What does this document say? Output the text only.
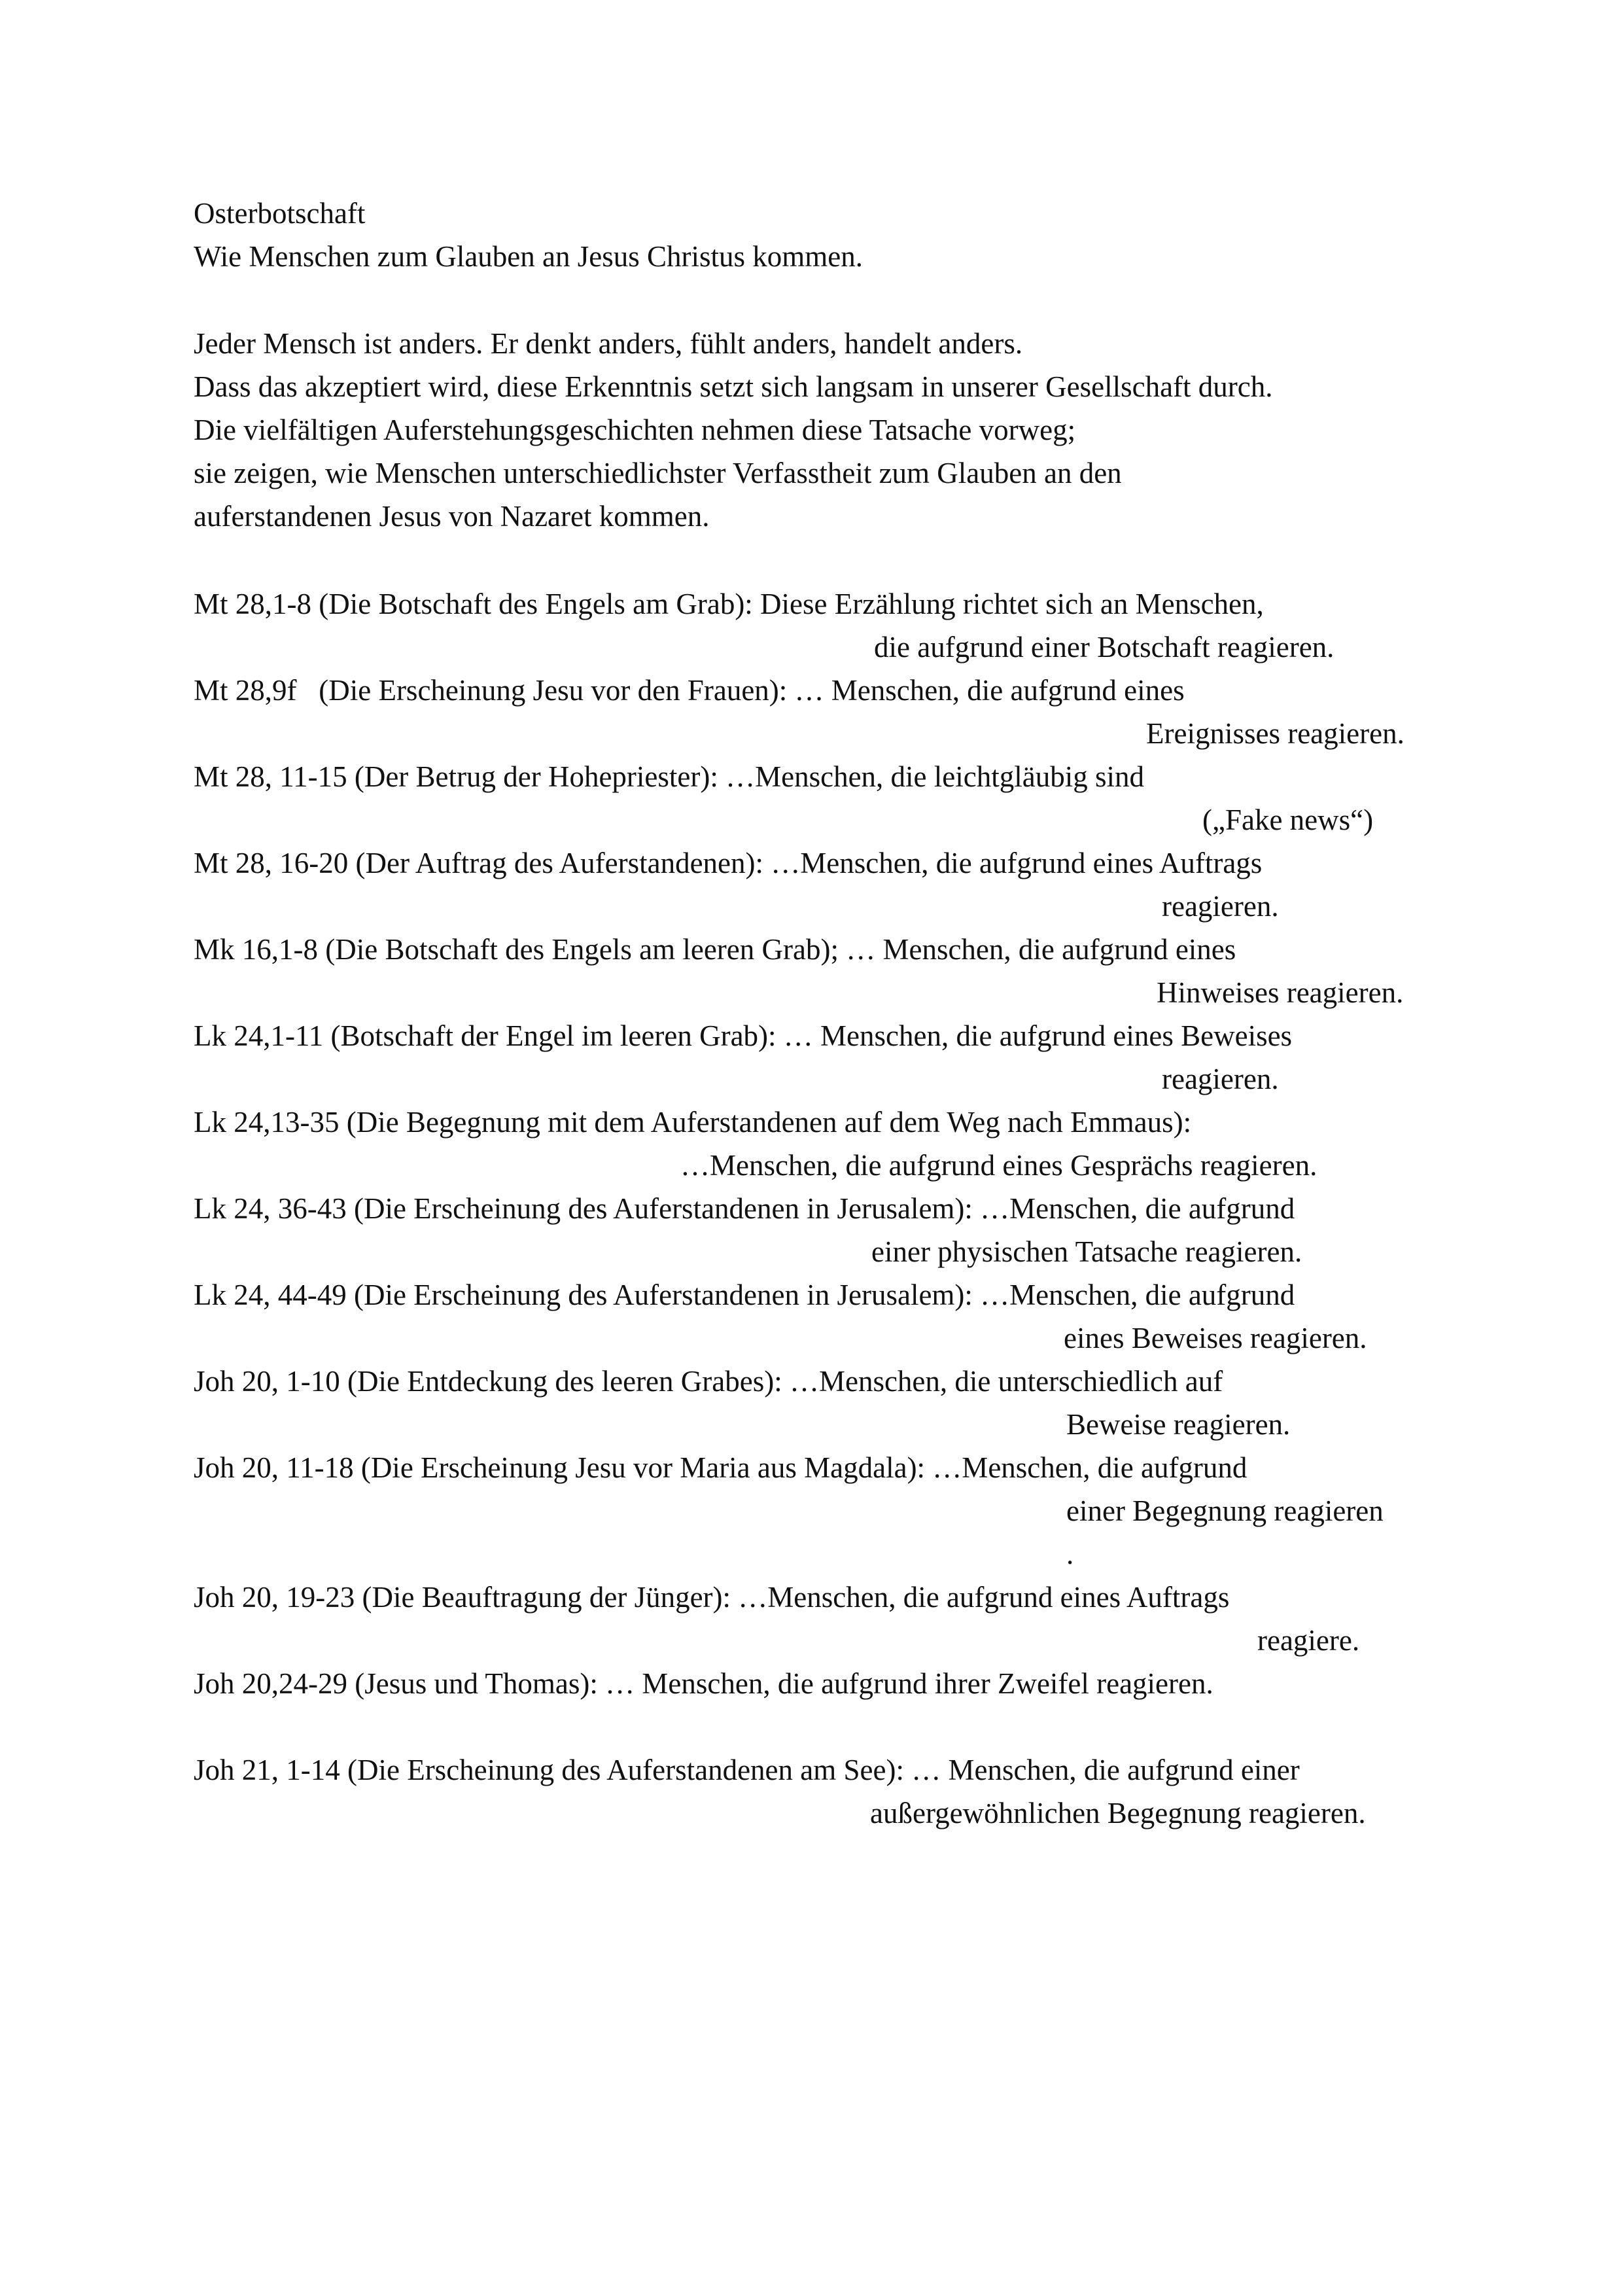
Osterbotschaft
Wie Menschen zum Glauben an Jesus Christus kommen.
Jeder Mensch ist anders. Er denkt anders, fühlt anders, handelt anders.
Dass das akzeptiert wird, diese Erkenntnis setzt sich langsam in unserer Gesellschaft durch.
Die vielfältigen Auferstehungsgeschichten nehmen diese Tatsache vorweg;
sie zeigen, wie Menschen unterschiedlichster Verfasstheit zum Glauben an den
auferstandenen Jesus von Nazaret kommen.
Mt 28,1-8 (Die Botschaft des Engels am Grab): Diese Erzählung richtet sich an Menschen,
die aufgrund einer Botschaft reagieren.
Mt 28,9f   (Die Erscheinung Jesu vor den Frauen): … Menschen, die aufgrund eines
Ereignisses reagieren.
Mt 28, 11-15 (Der Betrug der Hohepriester): …Menschen, die leichtgläubig sind
(„Fake news“)
Mt 28, 16-20 (Der Auftrag des Auferstandenen): …Menschen, die aufgrund eines Auftrags
reagieren.
Mk 16,1-8 (Die Botschaft des Engels am leeren Grab); … Menschen, die aufgrund eines
Hinweises reagieren.
Lk 24,1-11 (Botschaft der Engel im leeren Grab): … Menschen, die aufgrund eines Beweises
reagieren.
Lk 24,13-35 (Die Begegnung mit dem Auferstandenen auf dem Weg nach Emmaus):
…Menschen, die aufgrund eines Gesprächs reagieren.
Lk 24, 36-43 (Die Erscheinung des Auferstandenen in Jerusalem): …Menschen, die aufgrund
einer physischen Tatsache reagieren.
Lk 24, 44-49 (Die Erscheinung des Auferstandenen in Jerusalem): …Menschen, die aufgrund
eines Beweises reagieren.
Joh 20, 1-10 (Die Entdeckung des leeren Grabes): …Menschen, die unterschiedlich auf
Beweise reagieren.
Joh 20, 11-18 (Die Erscheinung Jesu vor Maria aus Magdala): …Menschen, die aufgrund
einer Begegnung reagieren
.
Joh 20, 19-23 (Die Beauftragung der Jünger): …Menschen, die aufgrund eines Auftrags
reagiere.
Joh 20,24-29 (Jesus und Thomas): … Menschen, die aufgrund ihrer Zweifel reagieren.
Joh 21, 1-14 (Die Erscheinung des Auferstandenen am See): … Menschen, die aufgrund einer
außergewöhnlichen Begegnung reagieren.
